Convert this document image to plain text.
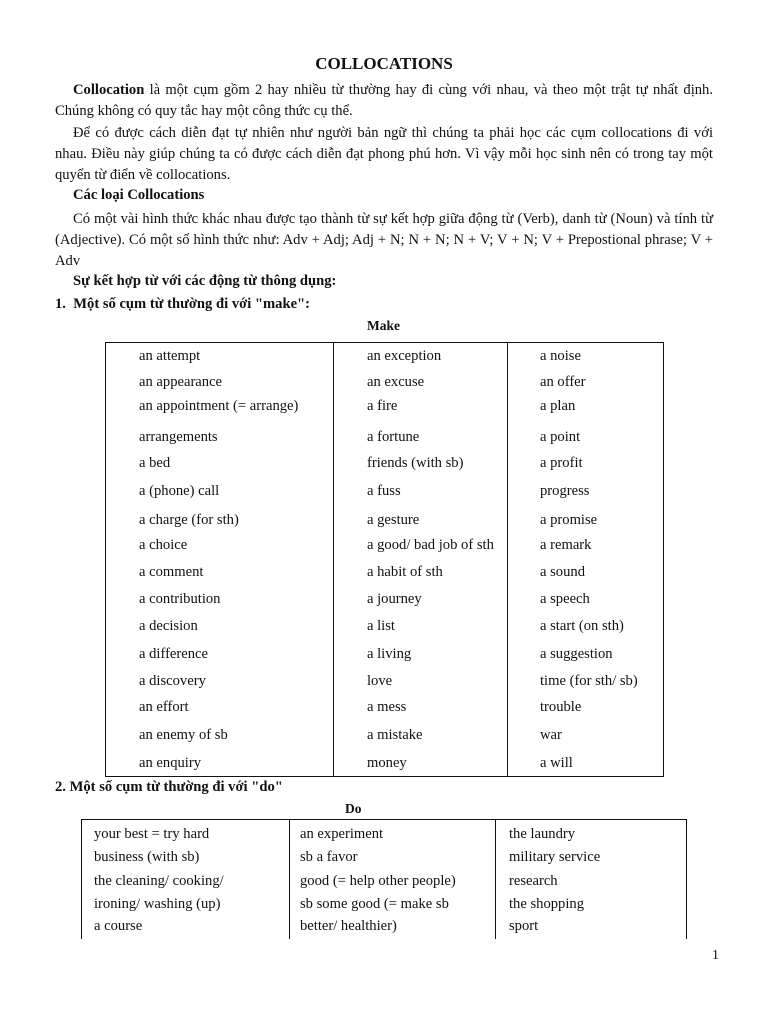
COLLOCATIONS
Collocation là một cụm gồm 2 hay nhiều từ thường hay đi cùng với nhau, và theo một trật tự nhất định. Chúng không có quy tắc hay một công thức cụ thể.
Để có được cách diễn đạt tự nhiên như người bản ngữ thì chúng ta phải học các cụm collocations đi với nhau. Điều này giúp chúng ta có được cách diễn đạt phong phú hơn. Vì vậy mỗi học sinh nên có trong tay một quyển từ điển về collocations.
Các loại Collocations
Có một vài hình thức khác nhau được tạo thành từ sự kết hợp giữa động từ (Verb), danh từ (Noun) và tính từ (Adjective). Có một số hình thức như: Adv + Adj; Adj + N; N + N; N + V; V + N; V + Prepostional phrase; V + Adv
Sự kết hợp từ với các động từ thông dụng:
1. Một số cụm từ thường đi với "make":
Make
an attempt
an appearance
an appointment (= arrange)
arrangements
a bed
a (phone) call
a charge (for sth)
a choice
a comment
a contribution
a decision
a difference
a discovery
an effort
an enemy of sb
an enquiry
an exception
an excuse
a fire
a fortune
friends (with sb)
a fuss
a gesture
a good/ bad job of sth
a habit of sth
a journey
a list
a living
love
a mess
a mistake
money
a noise
an offer
a plan
a point
a profit
progress
a promise
a remark
a sound
a speech
a start (on sth)
a suggestion
time (for sth/ sb)
trouble
war
a will
2. Một số cụm từ thường đi với "do"
Do
your best = try hard
business (with sb)
the cleaning/ cooking/
ironing/ washing (up)
a course
an experiment
sb a favor
good (= help other people)
sb some good (= make sb
better/ healthier)
the laundry
military service
research
the shopping
sport
1
